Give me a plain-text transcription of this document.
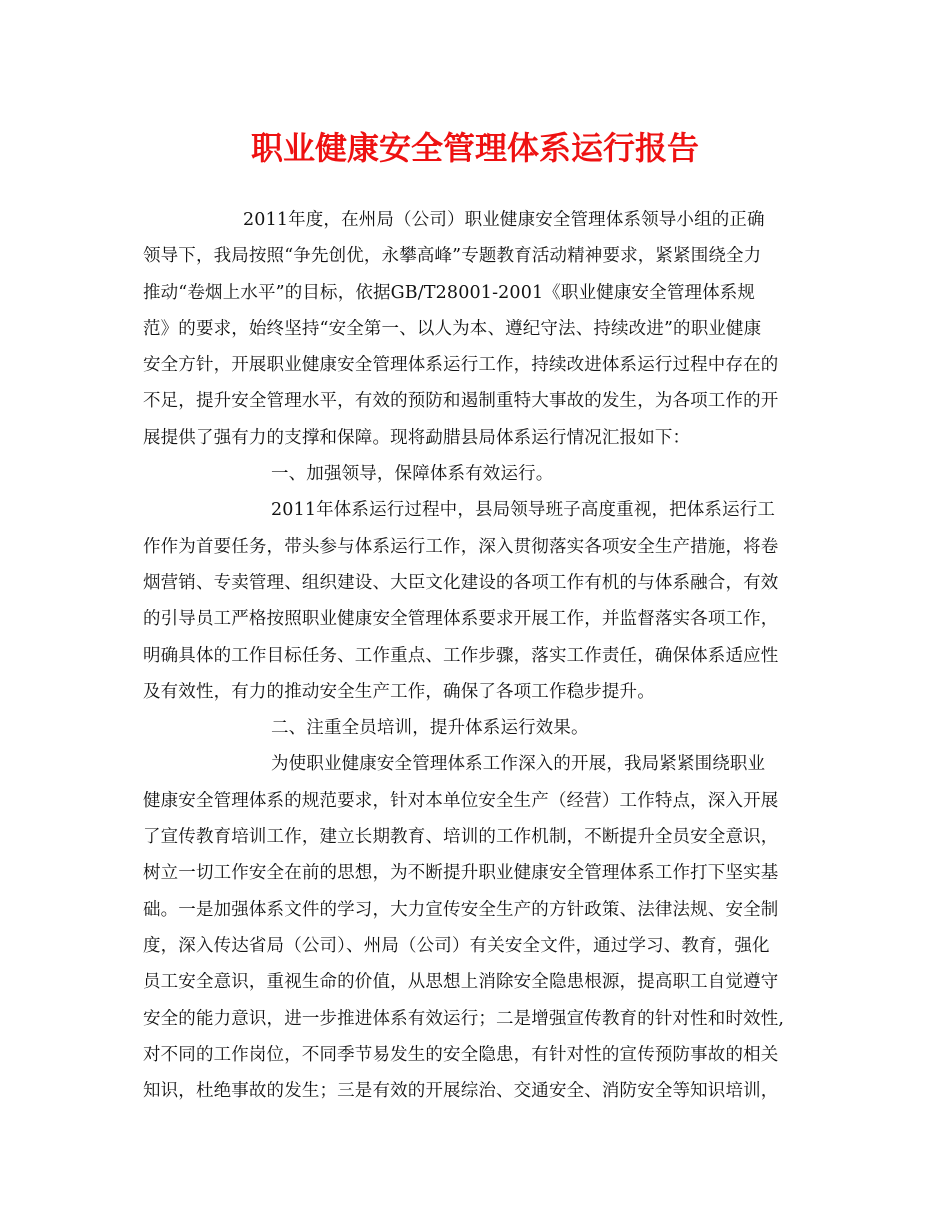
职业健康安全管理体系运行报告
2011年度，在州局（公司）职业健康安全管理体系领导小组的正确
领导下，我局按照“争先创优，永攀高峰”专题教育活动精神要求，紧紧围绕全力
推动“卷烟上水平”的目标，依据GB/T28001-2001《职业健康安全管理体系规
范》的要求，始终坚持“安全第一、以人为本、遵纪守法、持续改进”的职业健康
安全方针，开展职业健康安全管理体系运行工作，持续改进体系运行过程中存在的
不足，提升安全管理水平，有效的预防和遏制重特大事故的发生，为各项工作的开
展提供了强有力的支撑和保障。现将勐腊县局体系运行情况汇报如下：
一、加强领导，保障体系有效运行。
2011年体系运行过程中，县局领导班子高度重视，把体系运行工
作作为首要任务，带头参与体系运行工作，深入贯彻落实各项安全生产措施，将卷
烟营销、专卖管理、组织建设、大臣文化建设的各项工作有机的与体系融合，有效
的引导员工严格按照职业健康安全管理体系要求开展工作，并监督落实各项工作，
明确具体的工作目标任务、工作重点、工作步骤，落实工作责任，确保体系适应性
及有效性，有力的推动安全生产工作，确保了各项工作稳步提升。
二、注重全员培训，提升体系运行效果。
为使职业健康安全管理体系工作深入的开展，我局紧紧围绕职业
健康安全管理体系的规范要求，针对本单位安全生产（经营）工作特点，深入开展
了宣传教育培训工作，建立长期教育、培训的工作机制，不断提升全员安全意识，
树立一切工作安全在前的思想，为不断提升职业健康安全管理体系工作打下坚实基
础。一是加强体系文件的学习，大力宣传安全生产的方针政策、法律法规、安全制
度，深入传达省局（公司）、州局（公司）有关安全文件，通过学习、教育，强化
员工安全意识，重视生命的价值，从思想上消除安全隐患根源，提高职工自觉遵守
安全的能力意识，进一步推进体系有效运行；二是增强宣传教育的针对性和时效性,
对不同的工作岗位，不同季节易发生的安全隐患，有针对性的宣传预防事故的相关
知识，杜绝事故的发生；三是有效的开展综治、交通安全、消防安全等知识培训，
